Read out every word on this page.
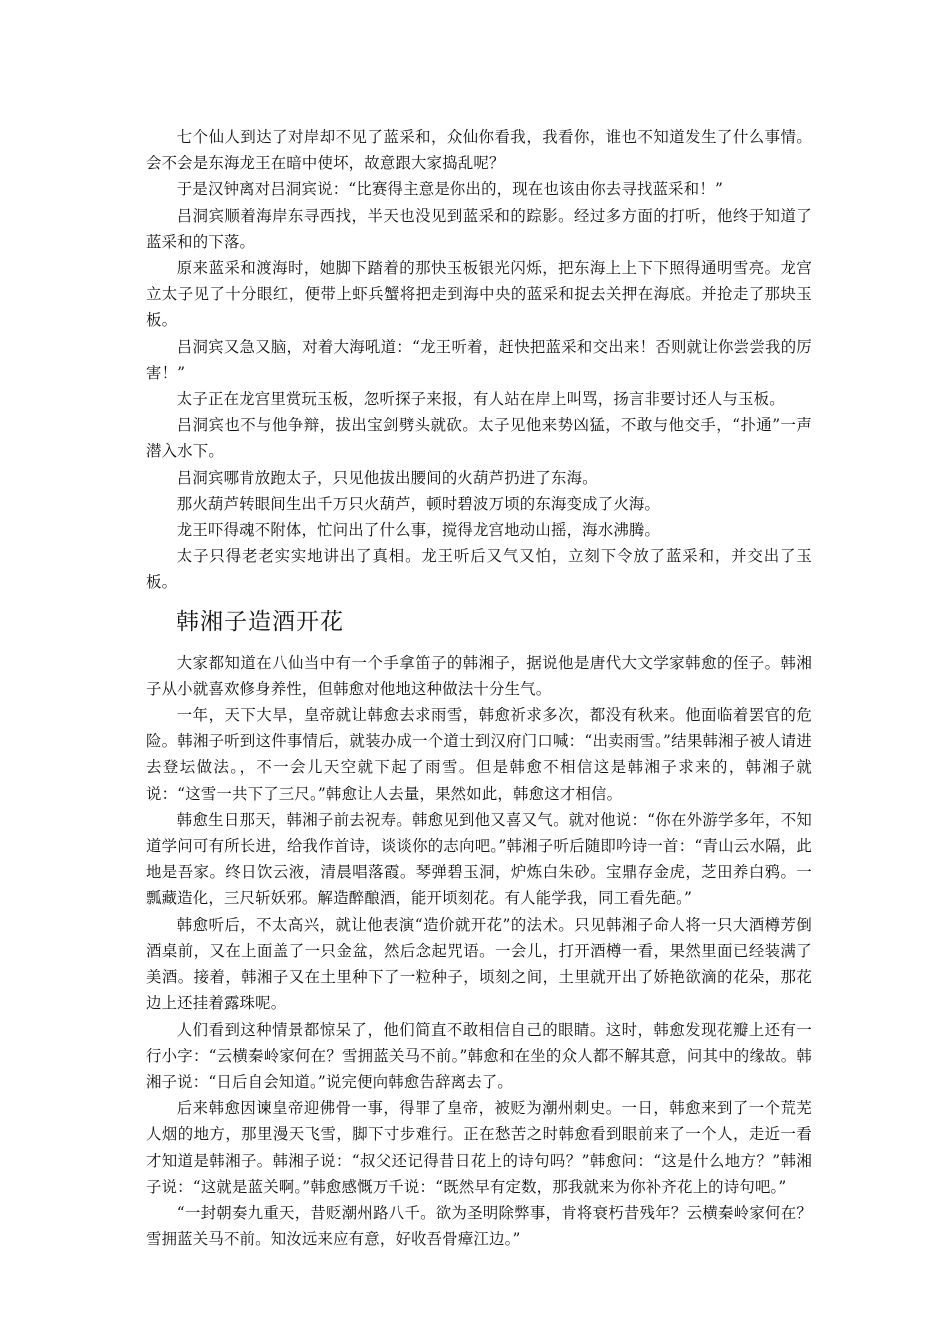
七个仙人到达了对岸却不见了蓝采和，众仙你看我，我看你，谁也不知道发生了什么事情。会不会是东海龙王在暗中使坏，故意跟大家捣乱呢？

于是汉钟离对吕洞宾说：“比赛得主意是你出的，现在也该由你去寻找蓝采和！”

吕洞宾顺着海岸东寻西找，半天也没见到蓝采和的踪影。经过多方面的打听，他终于知道了蓝采和的下落。

原来蓝采和渡海时，她脚下踏着的那快玉板银光闪烁，把东海上上下下照得通明雪亮。龙宫立太子见了十分眼红，便带上虾兵蟹将把走到海中央的蓝采和捉去关押在海底。并抢走了那块玉板。

吕洞宾又急又脑，对着大海吼道：“龙王听着，赶快把蓝采和交出来！否则就让你尝尝我的厉害！”

太子正在龙宫里赏玩玉板，忽听探子来报，有人站在岸上叫骂，扬言非要讨还人与玉板。

吕洞宾也不与他争辩，拔出宝剑劈头就砍。太子见他来势凶猛，不敢与他交手，“扑通”一声潜入水下。

吕洞宾哪肯放跑太子，只见他拔出腰间的火葫芦扔进了东海。

那火葫芦转眼间生出千万只火葫芦，顿时碧波万顷的东海变成了火海。

龙王吓得魂不附体，忙问出了什么事，搅得龙宫地动山摇，海水沸腾。

太子只得老老实实地讲出了真相。龙王听后又气又怕，立刻下令放了蓝采和，并交出了玉板。

韩湘子造酒开花

大家都知道在八仙当中有一个手拿笛子的韩湘子，据说他是唐代大文学家韩愈的侄子。韩湘子从小就喜欢修身养性，但韩愈对他地这种做法十分生气。

一年，天下大旱，皇帝就让韩愈去求雨雪，韩愈祈求多次，都没有秋来。他面临着罢官的危险。韩湘子听到这件事情后，就装办成一个道士到汉府门口喊：“出卖雨雪。”结果韩湘子被人请进去登坛做法。，不一会儿天空就下起了雨雪。但是韩愈不相信这是韩湘子求来的，韩湘子就说：“这雪一共下了三尺。”韩愈让人去量，果然如此，韩愈这才相信。

韩愈生日那天，韩湘子前去祝寿。韩愈见到他又喜又气。就对他说：“你在外游学多年，不知道学问可有所长进，给我作首诗，谈谈你的志向吧。”韩湘子听后随即吟诗一首：“青山云水隔，此地是吾家。终日饮云液，清晨唱落霞。琴弹碧玉洞，炉炼白朱砂。宝鼎存金虎，芝田养白鸦。一瓢藏造化，三尺斩妖邪。解造醉酿酒，能开顷刻花。有人能学我，同工看先葩。”

韩愈听后，不太高兴，就让他表演“造价就开花”的法术。只见韩湘子命人将一只大酒樽芳倒酒桌前，又在上面盖了一只金盆，然后念起咒语。一会儿，打开酒樽一看，果然里面已经装满了美酒。接着，韩湘子又在土里种下了一粒种子，顷刻之间，土里就开出了娇艳欲滴的花朵，那花边上还挂着露珠呢。

人们看到这种情景都惊呆了，他们简直不敢相信自己的眼睛。这时，韩愈发现花瓣上还有一行小字：“云横秦岭家何在？雪拥蓝关马不前。”韩愈和在坐的众人都不解其意，问其中的缘故。韩湘子说：“日后自会知道。”说完便向韩愈告辞离去了。

后来韩愈因谏皇帝迎佛骨一事，得罪了皇帝，被贬为潮州刺史。一日，韩愈来到了一个荒芜人烟的地方，那里漫天飞雪，脚下寸步难行。正在愁苦之时韩愈看到眼前来了一个人，走近一看才知道是韩湘子。韩湘子说：“叔父还记得昔日花上的诗句吗？”韩愈问：“这是什么地方？”韩湘子说：“这就是蓝关啊。”韩愈感慨万千说：“既然早有定数，那我就来为你补齐花上的诗句吧。”

“一封朝奏九重天，昔贬潮州路八千。欲为圣明除弊事，肯将衰朽昔残年？云横秦岭家何在？雪拥蓝关马不前。知汝远来应有意，好收吾骨瘴江边。”
